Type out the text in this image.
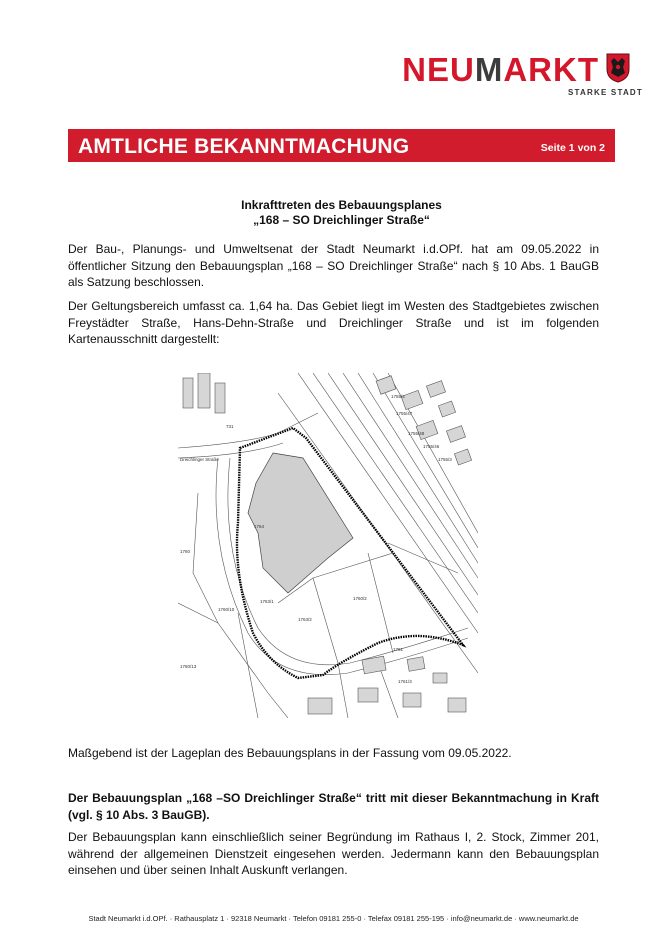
NEUMARKT
STARKE STADT
AMTLICHE BEKANNTMACHUNG	Seite 1 von 2
Inkrafttreten des Bebauungsplanes
„168 – SO Dreichlinger Straße“
Der Bau-, Planungs- und Umweltsenat der Stadt Neumarkt i.d.OPf. hat am 09.05.2022 in öffentlicher Sitzung den Bebauungsplan „168 – SO Dreichlinger Straße“ nach § 10 Abs. 1 BauGB als Satzung beschlossen.
Der Geltungsbereich umfasst ca. 1,64 ha. Das Gebiet liegt im Westen des Stadtgebietes zwischen Freystädter Straße, Hans-Dehn-Straße und Dreichlinger Straße und ist im folgenden Kartenausschnitt dargestellt:
Dreichlinger Straße
1755/4
1755/47
1755/48
1755/3
1755/46
1764
1760/2
1763/2
1763/1
1761
1761/3
1760/10
1760/13
1760
731
Maßgebend ist der Lageplan des Bebauungsplans in der Fassung vom 09.05.2022.
Der Bebauungsplan „168 –SO Dreichlinger Straße“ tritt mit dieser Bekanntmachung in Kraft (vgl. § 10 Abs. 3 BauGB).
Der Bebauungsplan kann einschließlich seiner Begründung im Rathaus I, 2. Stock, Zimmer 201, während der allgemeinen Dienstzeit eingesehen werden. Jedermann kann den Bebauungsplan einsehen und über seinen Inhalt Auskunft verlangen.
Stadt Neumarkt i.d.OPf. · Rathausplatz 1 · 92318 Neumarkt · Telefon 09181 255-0 · Telefax 09181 255-195 · info@neumarkt.de · www.neumarkt.de
